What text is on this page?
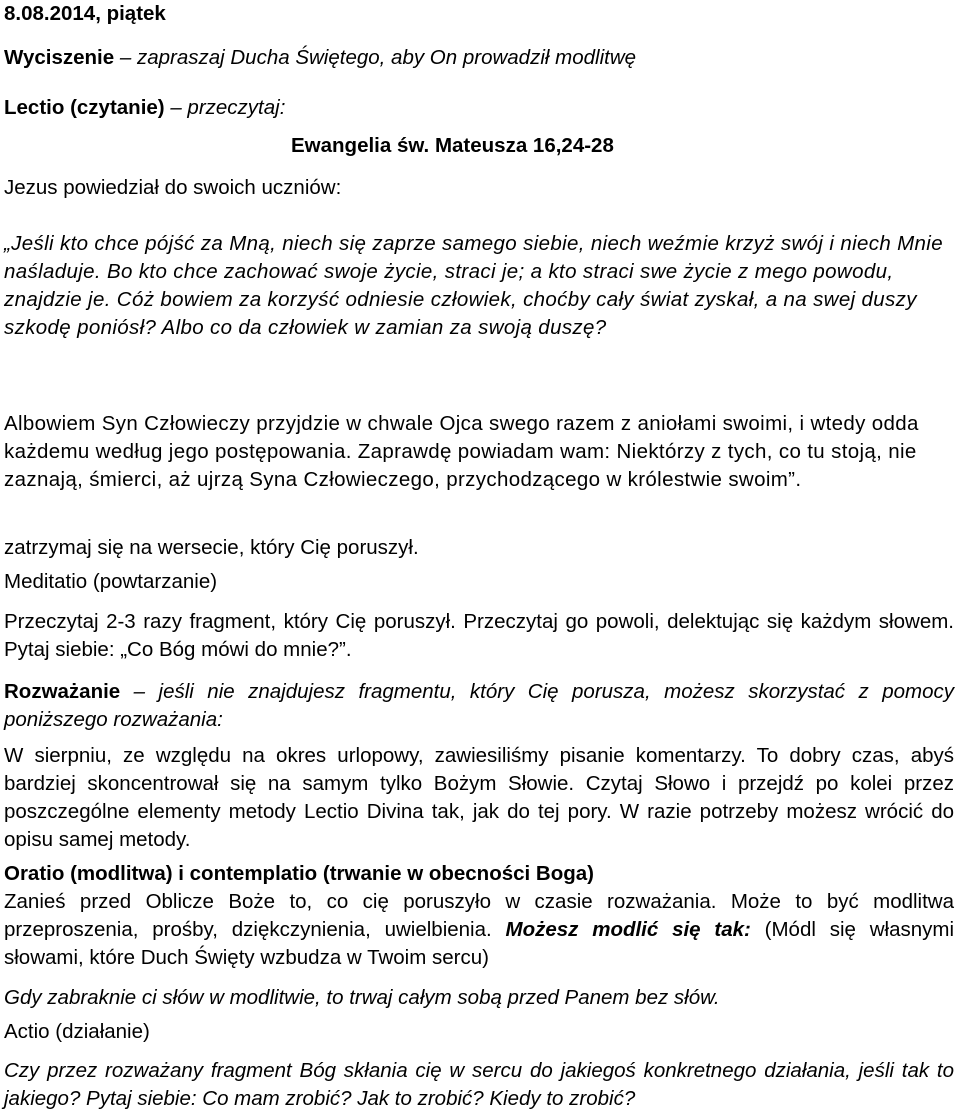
8.08.2014, piątek

Wyciszenie – zapraszaj Ducha Świętego, aby On prowadził modlitwę

Lectio (czytanie) – przeczytaj:

Ewangelia św. Mateusza 16,24-28

Jezus powiedział do swoich uczniów:

„Jeśli kto chce pójść za Mną, niech się zaprze samego siebie, niech weźmie krzyż swój i niech Mnie naśladuje. Bo kto chce zachować swoje życie, straci je; a kto straci swe życie z mego powodu, znajdzie je. Cóż bowiem za korzyść odniesie człowiek, choćby cały świat zyskał, a na swej duszy szkodę poniósł? Albo co da człowiek w zamian za swoją duszę?

Albowiem Syn Człowieczy przyjdzie w chwale Ojca swego razem z aniołami swoimi, i wtedy odda każdemu według jego postępowania. Zaprawdę powiadam wam: Niektórzy z tych, co tu stoją, nie zaznają, śmierci, aż ujrzą Syna Człowieczego, przychodzącego w królestwie swoim”.

zatrzymaj się na wersecie, który Cię poruszył.

Meditatio (powtarzanie)

Przeczytaj 2-3 razy fragment, który Cię poruszył. Przeczytaj go powoli, delektując się każdym słowem. Pytaj siebie: „Co Bóg mówi do mnie?”.

Rozważanie – jeśli nie znajdujesz fragmentu, który Cię porusza, możesz skorzystać z pomocy poniższego rozważania:

W sierpniu, ze względu na okres urlopowy, zawiesiliśmy pisanie komentarzy. To dobry czas, abyś bardziej skoncentrował się na samym tylko Bożym Słowie. Czytaj Słowo i przejdź po kolei przez poszczególne elementy metody Lectio Divina tak, jak do tej pory. W razie potrzeby możesz wrócić do opisu samej metody.

Oratio (modlitwa) i contemplatio (trwanie w obecności Boga)

Zanieś przed Oblicze Boże to, co cię poruszyło w czasie rozważania. Może to być modlitwa przeproszenia, prośby, dziękczynienia, uwielbienia. Możesz modlić się tak: (Módl się własnymi słowami, które Duch Święty wzbudza w Twoim sercu)

Gdy zabraknie ci słów w modlitwie, to trwaj całym sobą przed Panem bez słów.

Actio (działanie)

Czy przez rozważany fragment Bóg skłania cię w sercu do jakiegoś konkretnego działania, jeśli tak to jakiego? Pytaj siebie: Co mam zrobić? Jak to zrobić? Kiedy to zrobić?
